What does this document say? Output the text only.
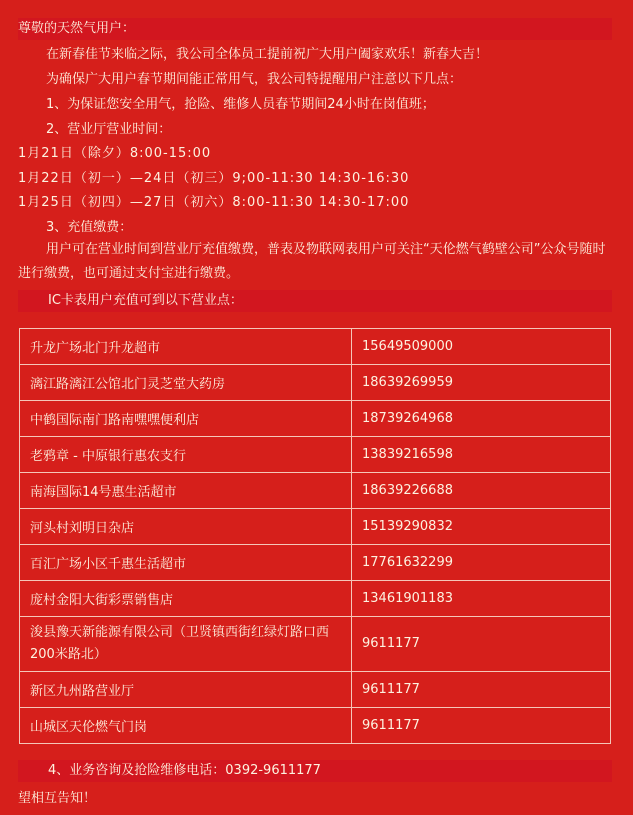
尊敬的天然气用户：
在新春佳节来临之际，我公司全体员工提前祝广大用户阖家欢乐！新春大吉！
为确保广大用户春节期间能正常用气，我公司特提醒用户注意以下几点：
1、为保证您安全用气，抢险、维修人员春节期间24小时在岗值班；
2、营业厅营业时间：
1月21日（除夕）8:00-15:00
1月22日（初一）—24日（初三）9;00-11:30 14:30-16:30
1月25日（初四）—27日（初六）8:00-11:30 14:30-17:00
3、充值缴费：
用户可在营业时间到营业厅充值缴费，普表及物联网表用户可关注“天伦燃气鹤壁公司”公众号随时进行缴费，也可通过支付宝进行缴费。
IC卡表用户充值可到以下营业点：
升龙广场北门升龙超市	15649509000
漓江路漓江公馆北门灵芝堂大药房	18639269959
中鹤国际南门路南嘿嘿便利店	18739264968
老鸦章 - 中原银行惠农支行	13839216598
南海国际14号惠生活超市	18639226688
河头村刘明日杂店	15139290832
百汇广场小区千惠生活超市	17761632299
庞村金阳大街彩票销售店	13461901183
浚县豫天新能源有限公司（卫贤镇西街红绿灯路口西200米路北）	9611177
新区九州路营业厅	9611177
山城区天伦燃气门岗	9611177
4、业务咨询及抢险维修电话：0392-9611177
望相互告知！
